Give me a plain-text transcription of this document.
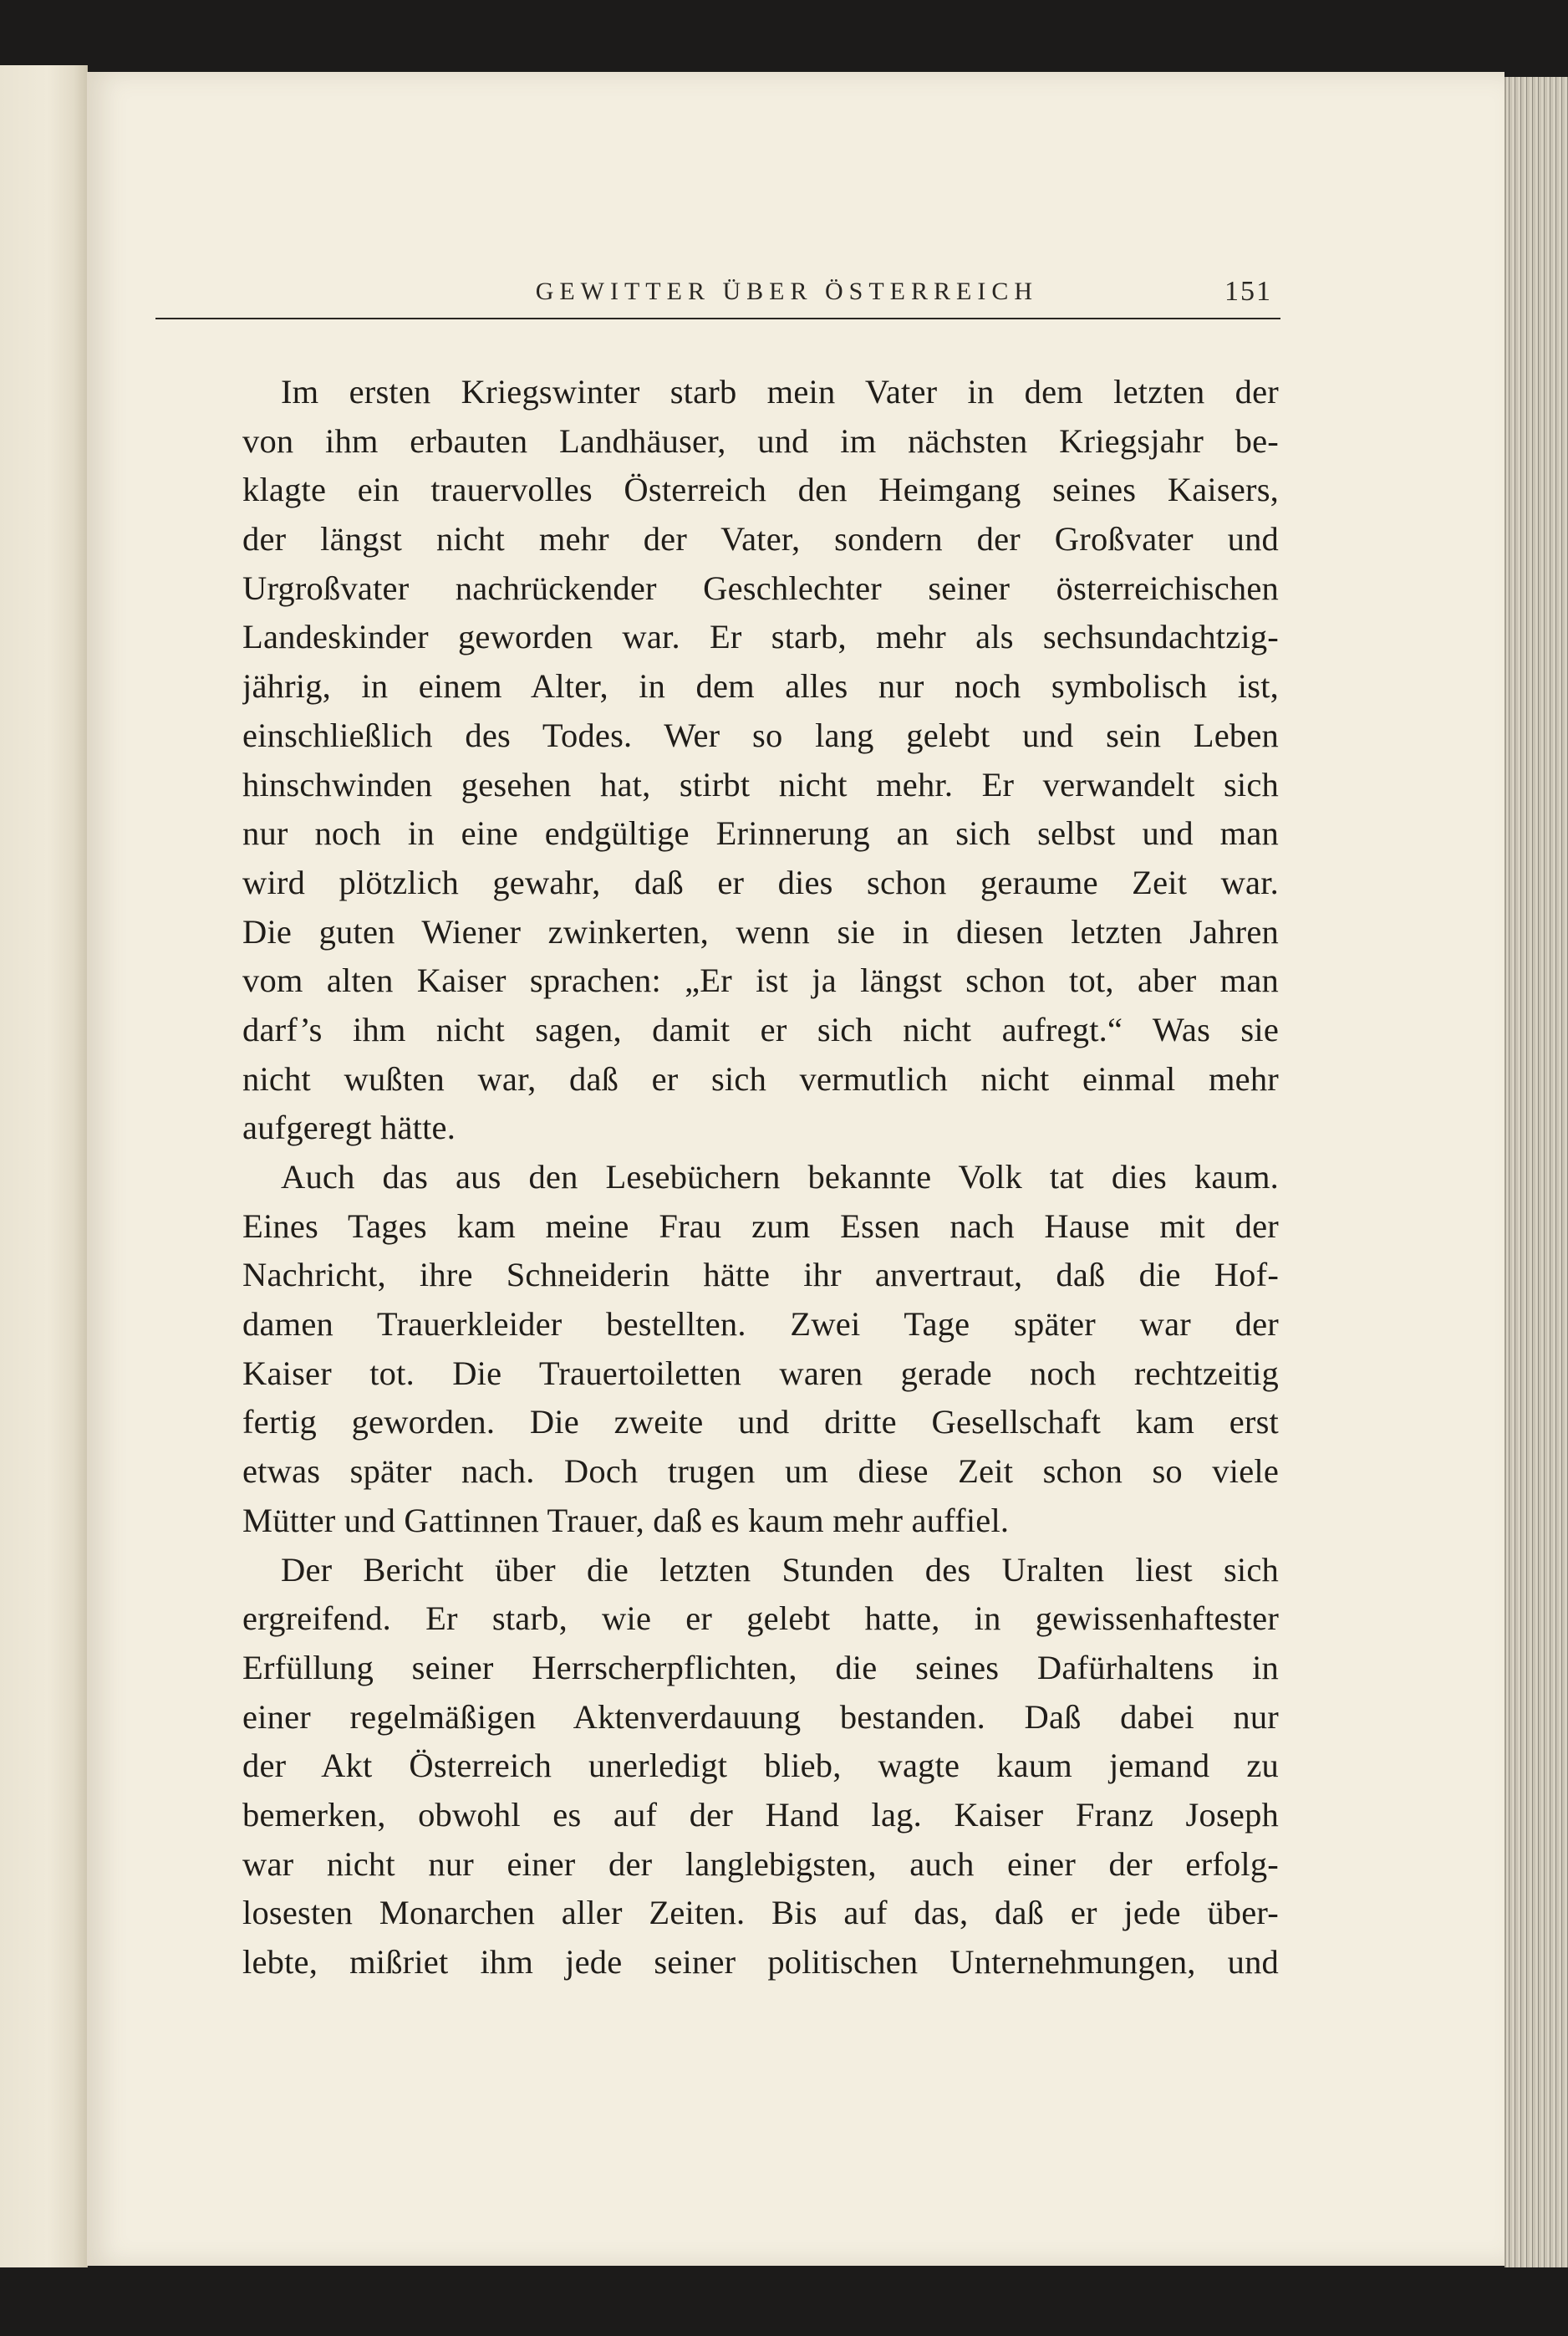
GEWITTER ÜBER ÖSTERREICH	151
Im ersten Kriegswinter starb mein Vater in dem letzten der
von ihm erbauten Landhäuser, und im nächsten Kriegsjahr be-
klagte ein trauervolles Österreich den Heimgang seines Kaisers,
der längst nicht mehr der Vater, sondern der Großvater und
Urgroßvater nachrückender Geschlechter seiner österreichischen
Landeskinder geworden war. Er starb, mehr als sechsundachtzig-
jährig, in einem Alter, in dem alles nur noch symbolisch ist,
einschließlich des Todes. Wer so lang gelebt und sein Leben
hinschwinden gesehen hat, stirbt nicht mehr. Er verwandelt sich
nur noch in eine endgültige Erinnerung an sich selbst und man
wird plötzlich gewahr, daß er dies schon geraume Zeit war.
Die guten Wiener zwinkerten, wenn sie in diesen letzten Jahren
vom alten Kaiser sprachen: „Er ist ja längst schon tot, aber man
darf’s ihm nicht sagen, damit er sich nicht aufregt.“ Was sie
nicht wußten war, daß er sich vermutlich nicht einmal mehr
aufgeregt hätte.
Auch das aus den Lesebüchern bekannte Volk tat dies kaum.
Eines Tages kam meine Frau zum Essen nach Hause mit der
Nachricht, ihre Schneiderin hätte ihr anvertraut, daß die Hof-
damen Trauerkleider bestellten. Zwei Tage später war der
Kaiser tot. Die Trauertoiletten waren gerade noch rechtzeitig
fertig geworden. Die zweite und dritte Gesellschaft kam erst
etwas später nach. Doch trugen um diese Zeit schon so viele
Mütter und Gattinnen Trauer, daß es kaum mehr auffiel.
Der Bericht über die letzten Stunden des Uralten liest sich
ergreifend. Er starb, wie er gelebt hatte, in gewissenhaftester
Erfüllung seiner Herrscherpflichten, die seines Dafürhaltens in
einer regelmäßigen Aktenverdauung bestanden. Daß dabei nur
der Akt Österreich unerledigt blieb, wagte kaum jemand zu
bemerken, obwohl es auf der Hand lag. Kaiser Franz Joseph
war nicht nur einer der langlebigsten, auch einer der erfolg-
losesten Monarchen aller Zeiten. Bis auf das, daß er jede über-
lebte, mißriet ihm jede seiner politischen Unternehmungen, und
